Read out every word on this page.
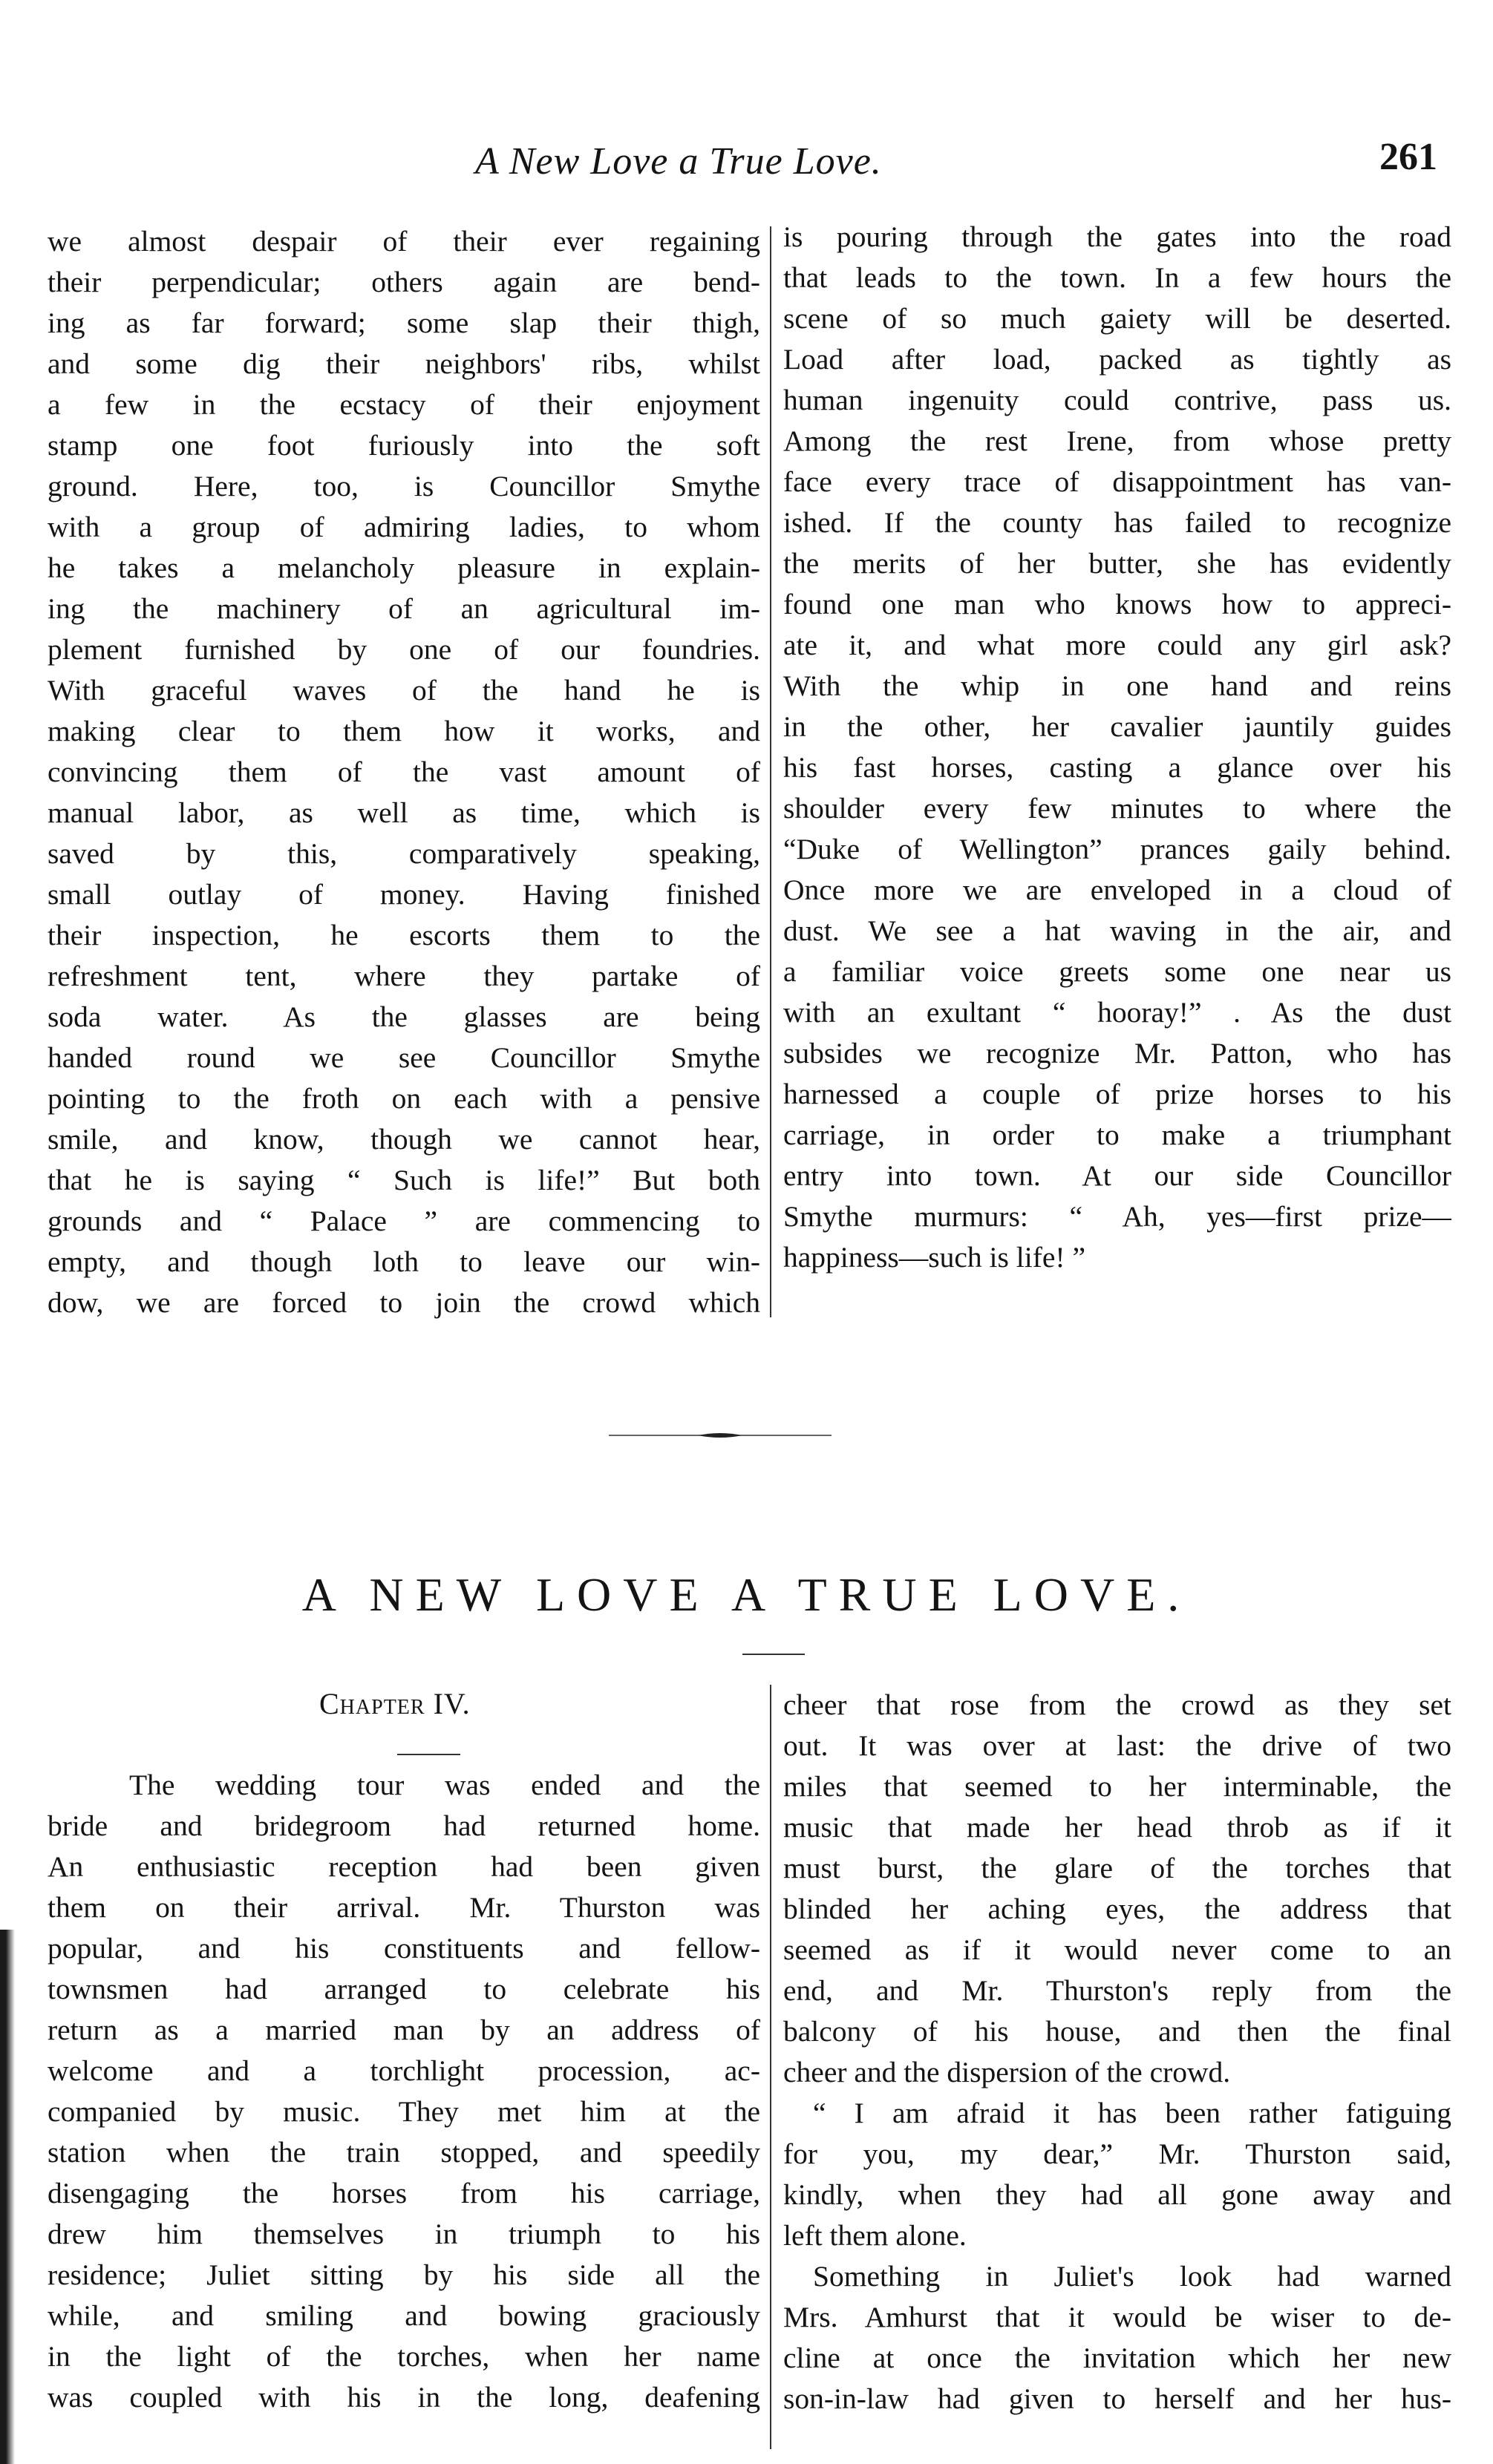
A New Love a True Love.	261
we almost despair of their ever regaining
their perpendicular; others again are bend-
ing as far forward; some slap their thigh,
and some dig their neighbors' ribs, whilst
a few in the ecstacy of their enjoyment
stamp one foot furiously into the soft
ground. Here, too, is Councillor Smythe
with a group of admiring ladies, to whom
he takes a melancholy pleasure in explain-
ing the machinery of an agricultural im-
plement furnished by one of our foundries.
With graceful waves of the hand he is
making clear to them how it works, and
convincing them of the vast amount of
manual labor, as well as time, which is
saved by this, comparatively speaking,
small outlay of money. Having finished
their inspection, he escorts them to the
refreshment tent, where they partake of
soda water. As the glasses are being
handed round we see Councillor Smythe
pointing to the froth on each with a pensive
smile, and know, though we cannot hear,
that he is saying “ Such is life!” But both
grounds and “ Palace ” are commencing to
empty, and though loth to leave our win-
dow, we are forced to join the crowd which
is pouring through the gates into the road
that leads to the town. In a few hours the
scene of so much gaiety will be deserted.
Load after load, packed as tightly as
human ingenuity could contrive, pass us.
Among the rest Irene, from whose pretty
face every trace of disappointment has van-
ished. If the county has failed to recognize
the merits of her butter, she has evidently
found one man who knows how to appreci-
ate it, and what more could any girl ask?
With the whip in one hand and reins
in the other, her cavalier jauntily guides
his fast horses, casting a glance over his
shoulder every few minutes to where the
“Duke of Wellington” prances gaily behind.
Once more we are enveloped in a cloud of
dust. We see a hat waving in the air, and
a familiar voice greets some one near us
with an exultant “ hooray!” . As the dust
subsides we recognize Mr. Patton, who has
harnessed a couple of prize horses to his
carriage, in order to make a triumphant
entry into town. At our side Councillor
Smythe murmurs: “ Ah, yes—first prize—
happiness—such is life! ”
A NEW LOVE A TRUE LOVE.
Chapter IV.
The wedding tour was ended and the
bride and bridegroom had returned home.
An enthusiastic reception had been given
them on their arrival. Mr. Thurston was
popular, and his constituents and fellow-
townsmen had arranged to celebrate his
return as a married man by an address of
welcome and a torchlight procession, ac-
companied by music. They met him at the
station when the train stopped, and speedily
disengaging the horses from his carriage,
drew him themselves in triumph to his
residence; Juliet sitting by his side all the
while, and smiling and bowing graciously
in the light of the torches, when her name
was coupled with his in the long, deafening
cheer that rose from the crowd as they set
out. It was over at last: the drive of two
miles that seemed to her interminable, the
music that made her head throb as if it
must burst, the glare of the torches that
blinded her aching eyes, the address that
seemed as if it would never come to an
end, and Mr. Thurston's reply from the
balcony of his house, and then the final
cheer and the dispersion of the crowd.
“ I am afraid it has been rather fatiguing
for you, my dear,” Mr. Thurston said,
kindly, when they had all gone away and
left them alone.
Something in Juliet's look had warned
Mrs. Amhurst that it would be wiser to de-
cline at once the invitation which her new
son-in-law had given to herself and her hus-
